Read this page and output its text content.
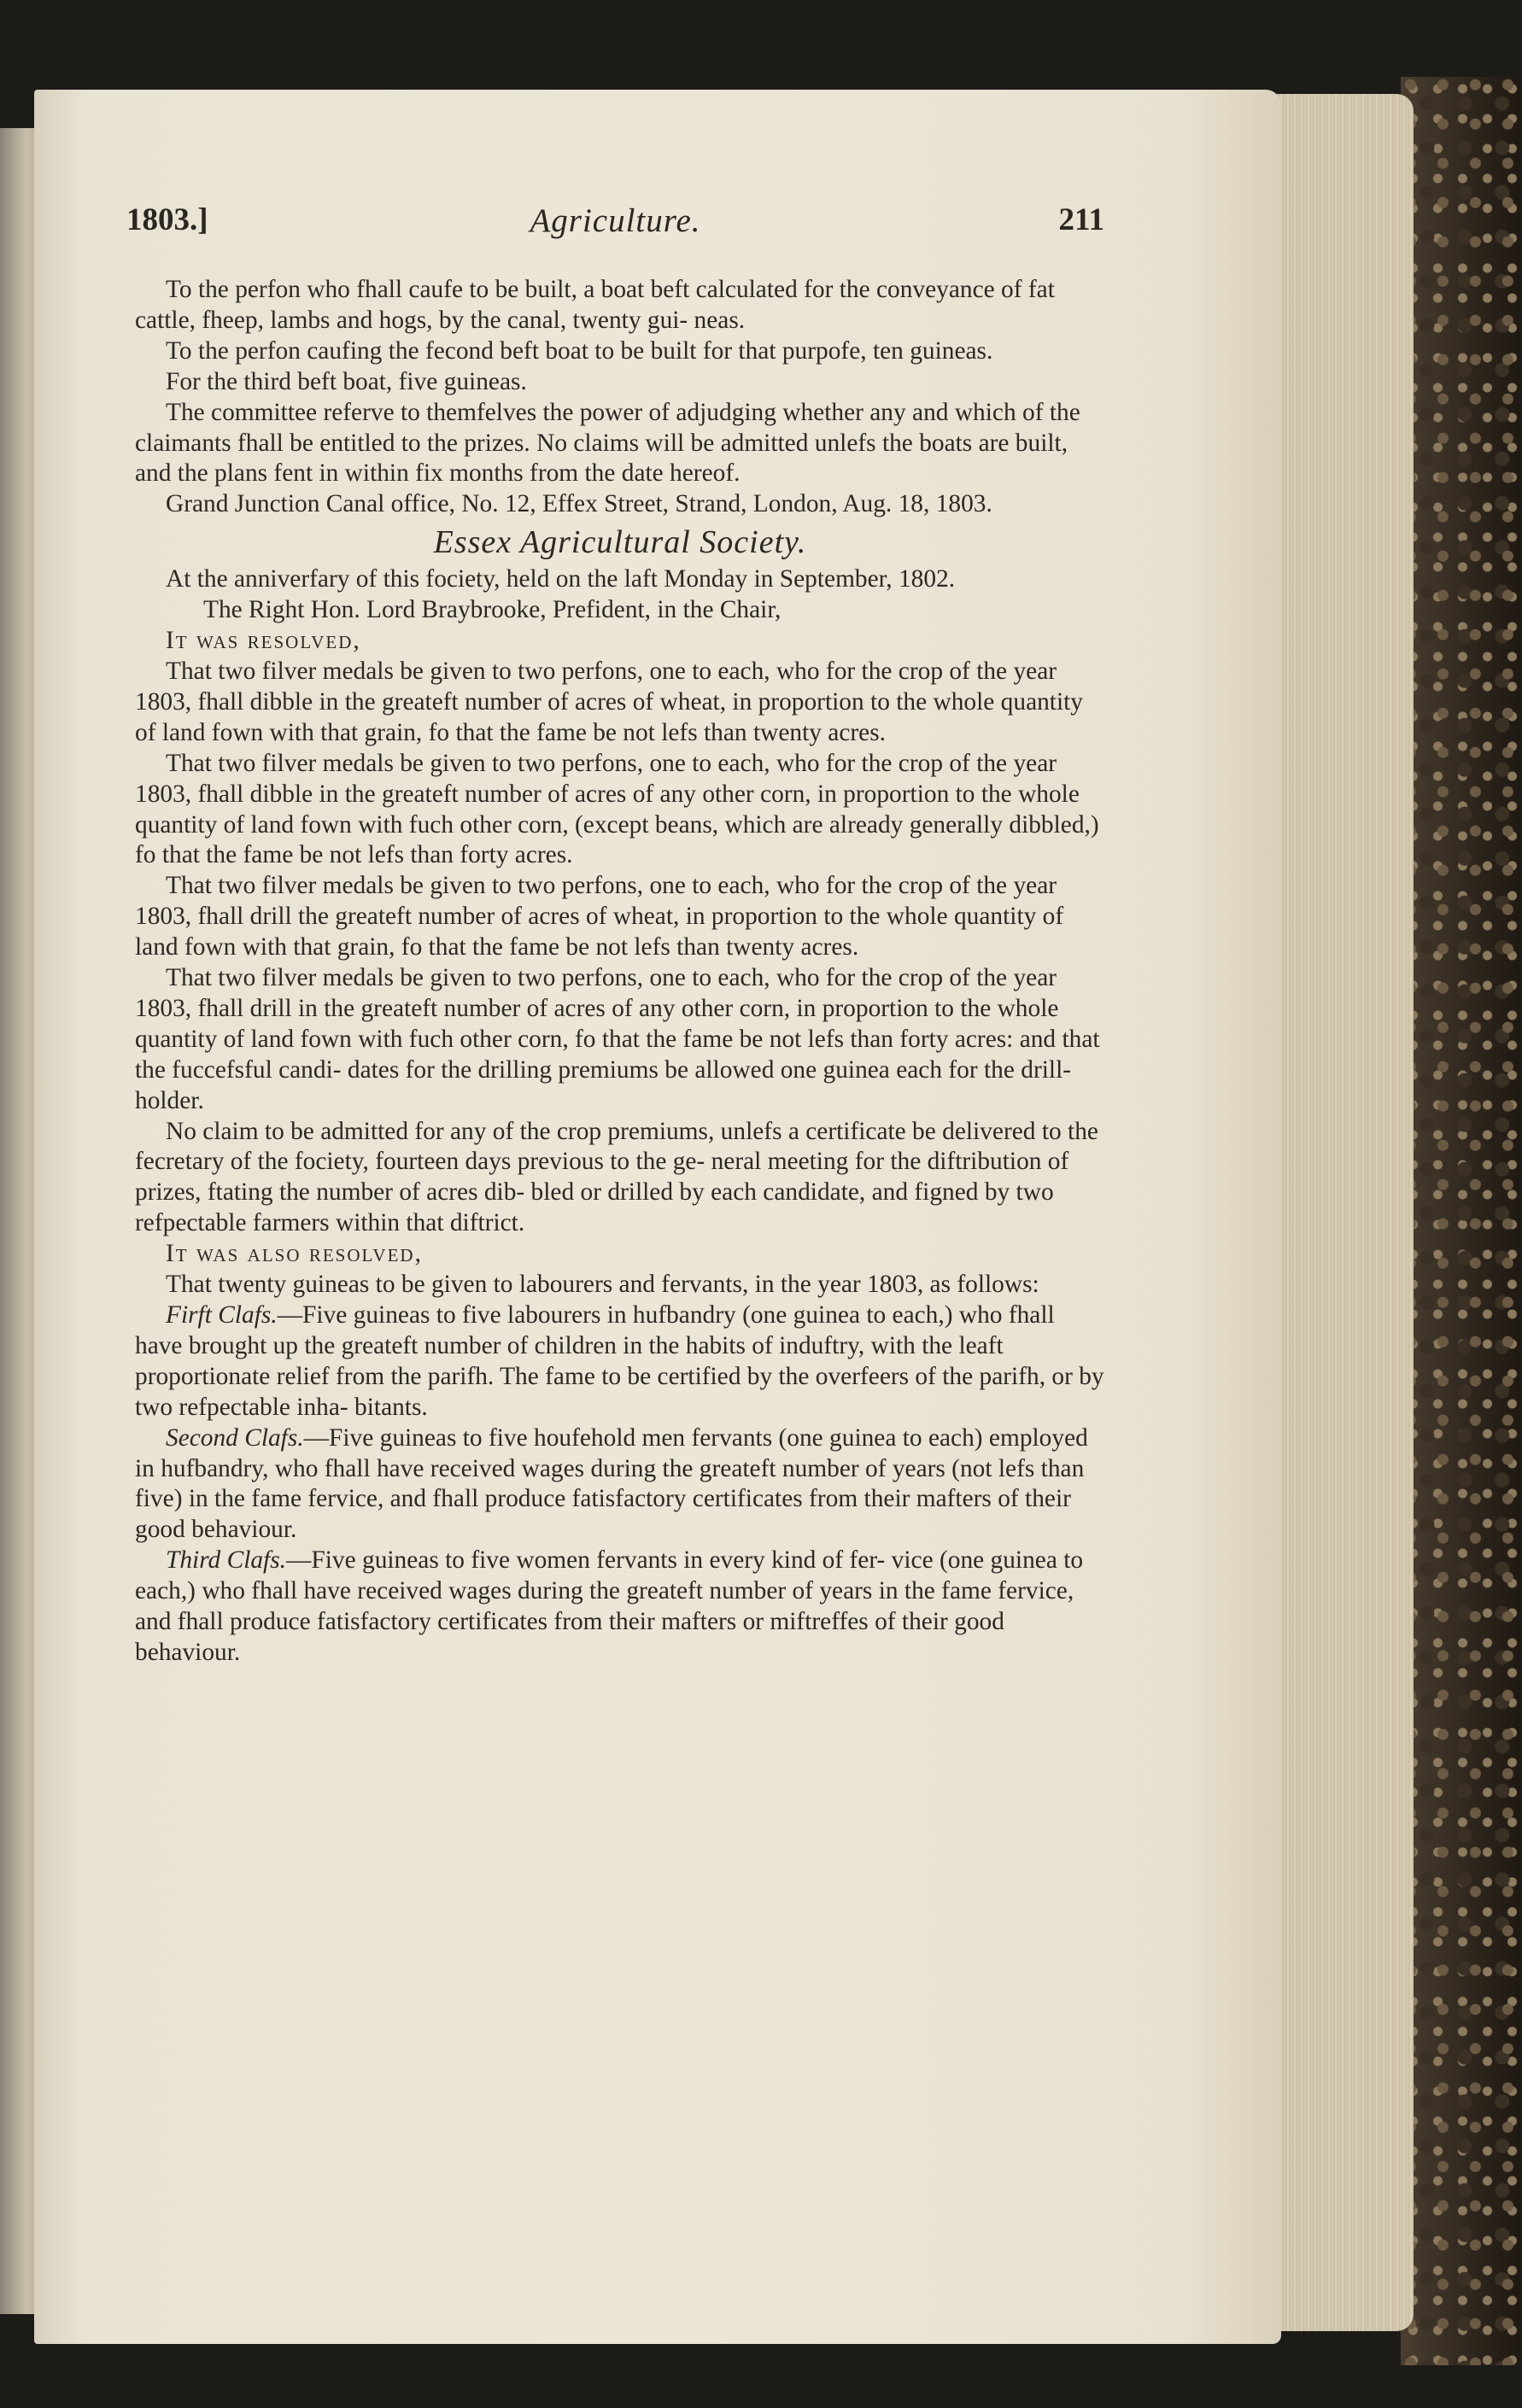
Agriculture.
1803.]	211

To the perfon who fhall caufe to be built, a boat beft calculated for the conveyance of fat cattle, fheep, lambs and hogs, by the canal, twenty gui- neas.

To the perfon caufing the fecond beft boat to be built for that purpofe, ten guineas.

For the third beft boat, five guineas.

The committee referve to themfelves the power of adjudging whether any and which of the claimants fhall be entitled to the prizes. No claims will be admitted unlefs the boats are built, and the plans fent in within fix months from the date hereof.

Grand Junction Canal office, No. 12, Effex Street, Strand, London, Aug. 18, 1803.

Essex Agricultural Society.

At the anniverfary of this fociety, held on the laft Monday in September, 1802.

The Right Hon. Lord Braybrooke, Prefident, in the Chair,

It was resolved,

That two filver medals be given to two perfons, one to each, who for the crop of the year 1803, fhall dibble in the greateft number of acres of wheat, in proportion to the whole quantity of land fown with that grain, fo that the fame be not lefs than twenty acres.

That two filver medals be given to two perfons, one to each, who for the crop of the year 1803, fhall dibble in the greateft number of acres of any other corn, in proportion to the whole quantity of land fown with fuch other corn, (except beans, which are already generally dibbled,) fo that the fame be not lefs than forty acres.

That two filver medals be given to two perfons, one to each, who for the crop of the year 1803, fhall drill the greateft number of acres of wheat, in proportion to the whole quantity of land fown with that grain, fo that the fame be not lefs than twenty acres.

That two filver medals be given to two perfons, one to each, who for the crop of the year 1803, fhall drill in the greateft number of acres of any other corn, in proportion to the whole quantity of land fown with fuch other corn, fo that the fame be not lefs than forty acres: and that the fuccefsful candi- dates for the drilling premiums be allowed one guinea each for the drill- holder.

No claim to be admitted for any of the crop premiums, unlefs a certificate be delivered to the fecretary of the fociety, fourteen days previous to the ge- neral meeting for the diftribution of prizes, ftating the number of acres dib- bled or drilled by each candidate, and figned by two refpectable farmers within that diftrict.

It was also resolved,

That twenty guineas to be given to labourers and fervants, in the year 1803, as follows:

Firft Clafs.—Five guineas to five labourers in hufbandry (one guinea to each,) who fhall have brought up the greateft number of children in the habits of induftry, with the leaft proportionate relief from the parifh. The fame to be certified by the overfeers of the parifh, or by two refpectable inha- bitants.

Second Clafs.—Five guineas to five houfehold men fervants (one guinea to each) employed in hufbandry, who fhall have received wages during the greateft number of years (not lefs than five) in the fame fervice, and fhall produce fatisfactory certificates from their mafters of their good behaviour.

Third Clafs.—Five guineas to five women fervants in every kind of fer- vice (one guinea to each,) who fhall have received wages during the greateft number of years in the fame fervice, and fhall produce fatisfactory certificates from their mafters or miftreffes of their good behaviour.
